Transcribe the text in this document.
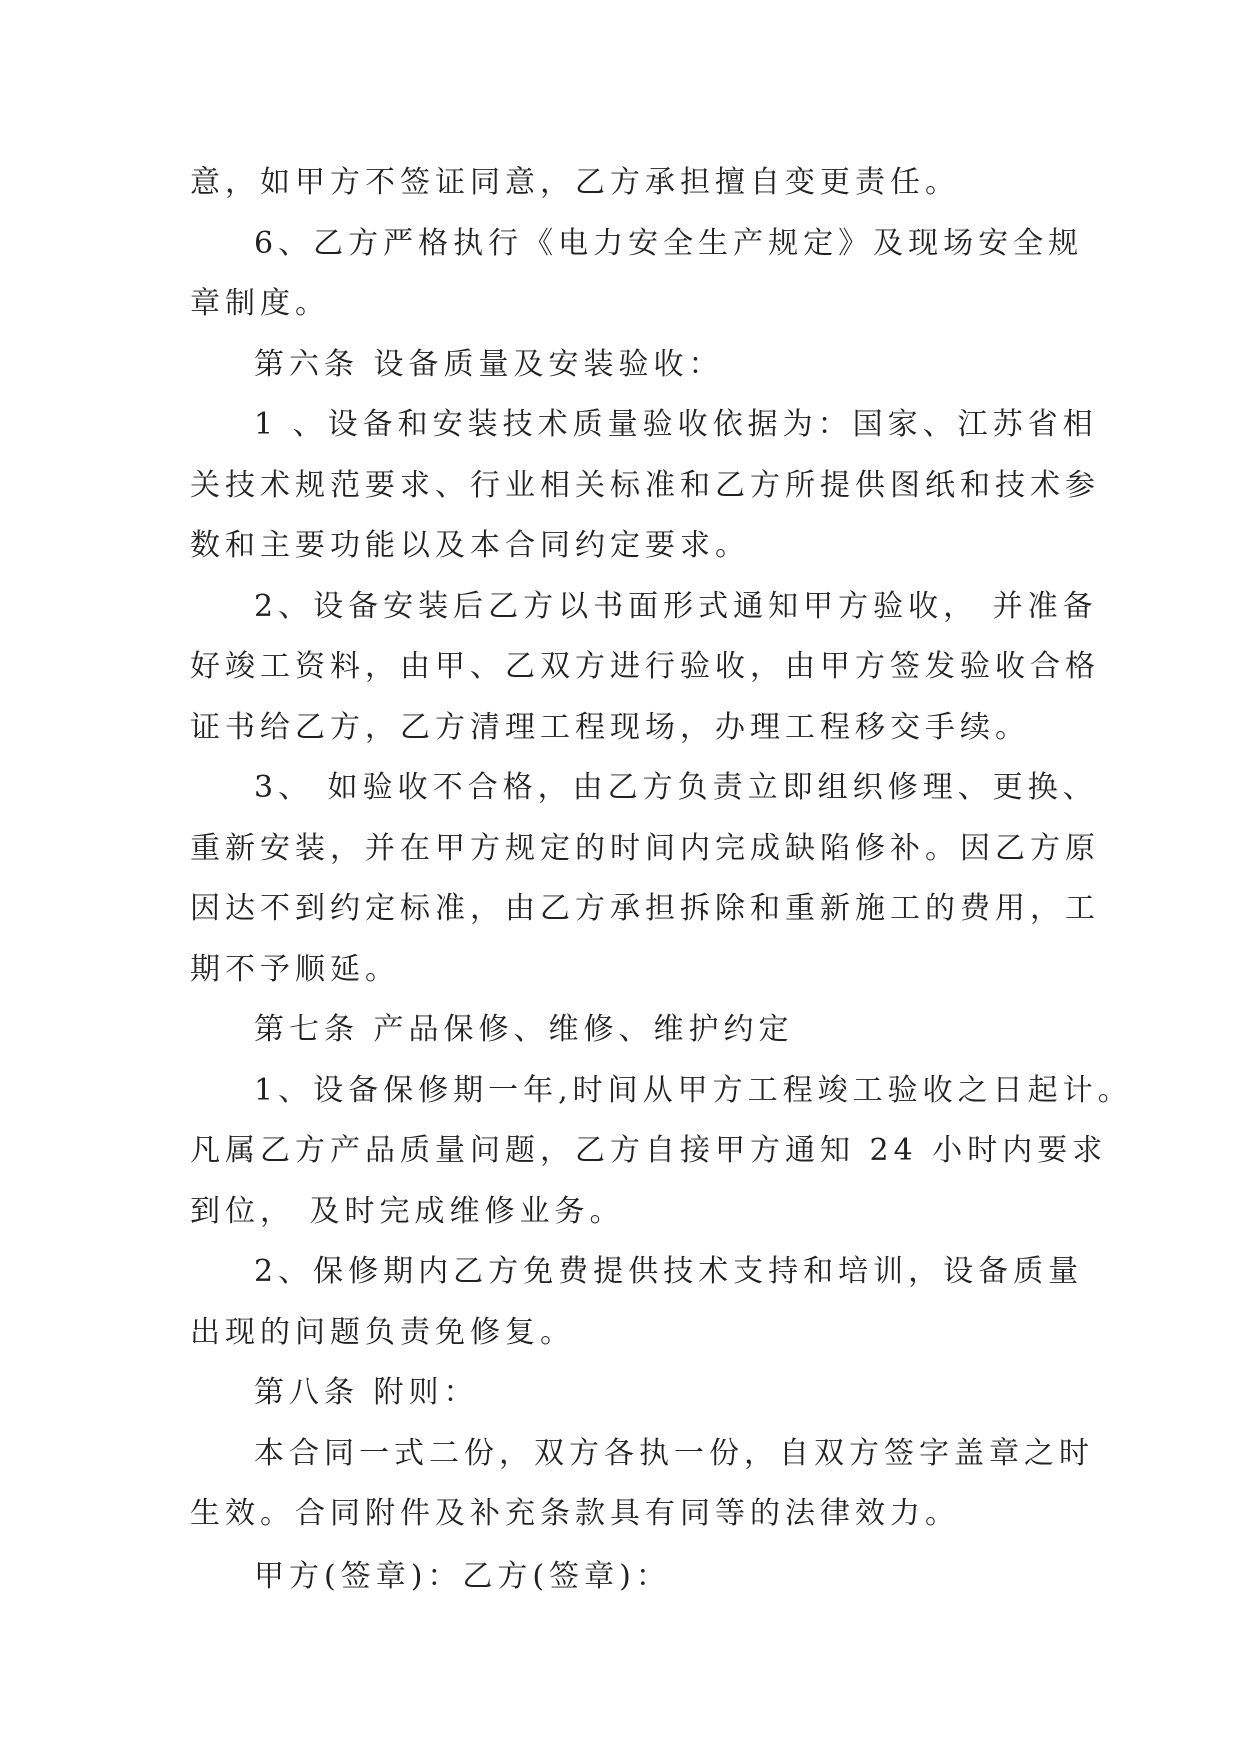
意，如甲方不签证同意，乙方承担擅自变更责任。
6、乙方严格执行《电力安全生产规定》及现场安全规
章制度。
第六条 设备质量及安装验收：
1 、设备和安装技术质量验收依据为：国家、江苏省相
关技术规范要求、行业相关标准和乙方所提供图纸和技术参
数和主要功能以及本合同约定要求。
2、设备安装后乙方以书面形式通知甲方验收， 并准备
好竣工资料，由甲、乙双方进行验收，由甲方签发验收合格
证书给乙方，乙方清理工程现场，办理工程移交手续。
3、 如验收不合格，由乙方负责立即组织修理、更换、
重新安装，并在甲方规定的时间内完成缺陷修补。因乙方原
因达不到约定标准，由乙方承担拆除和重新施工的费用，工
期不予顺延。
第七条 产品保修、维修、维护约定
1、设备保修期一年,时间从甲方工程竣工验收之日起计。
凡属乙方产品质量问题，乙方自接甲方通知 24 小时内要求
到位， 及时完成维修业务。
2、保修期内乙方免费提供技术支持和培训，设备质量
出现的问题负责免修复。
第八条 附则：
本合同一式二份，双方各执一份，自双方签字盖章之时
生效。合同附件及补充条款具有同等的法律效力。
甲方(签章)：乙方(签章)：
